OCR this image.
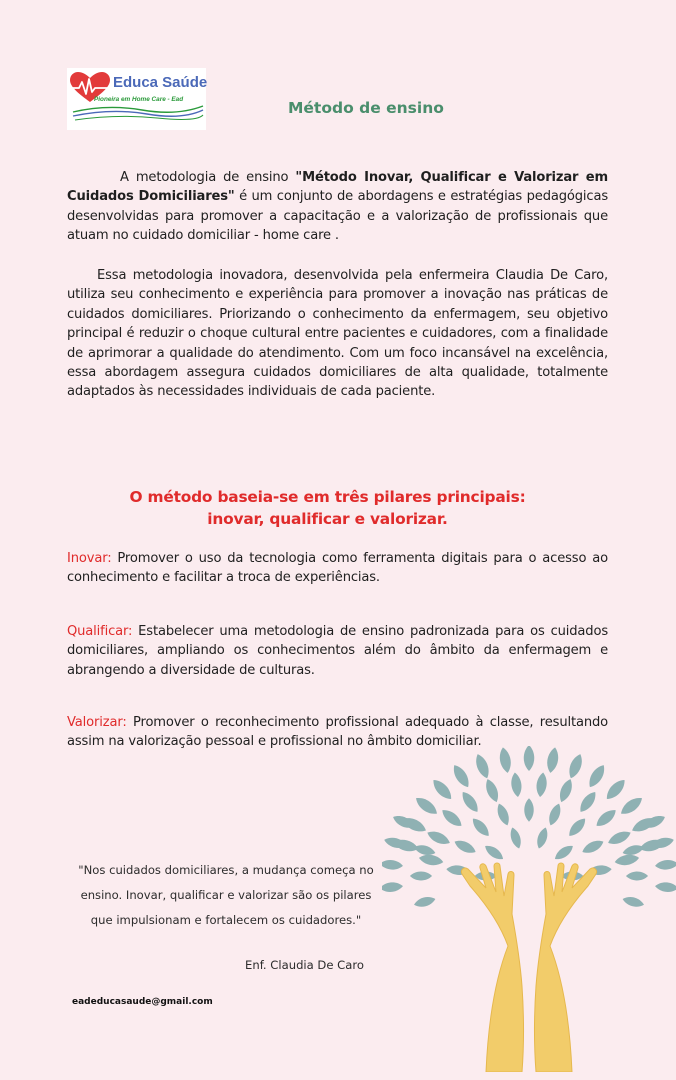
Educa Saúde
Pioneira em Home Care - Ead	Método de ensino
A metodologia de ensino "Método Inovar, Qualificar e Valorizar em Cuidados Domiciliares" é um conjunto de abordagens e estratégias pedagógicas desenvolvidas para promover a capacitação e a valorização de profissionais que atuam no cuidado domiciliar - home care .
Essa metodologia inovadora, desenvolvida pela enfermeira Claudia De Caro, utiliza seu conhecimento e experiência para promover a inovação nas práticas de cuidados domiciliares. Priorizando o conhecimento da enfermagem, seu objetivo principal é reduzir o choque cultural entre pacientes e cuidadores, com a finalidade de aprimorar a qualidade do atendimento. Com um foco incansável na excelência, essa abordagem assegura cuidados domiciliares de alta qualidade, totalmente adaptados às necessidades individuais de cada paciente.
O método baseia-se em três pilares principais:
inovar, qualificar e valorizar.
Inovar: Promover o uso da tecnologia como ferramenta digitais para o acesso ao conhecimento e facilitar a troca de experiências.
Qualificar: Estabelecer uma metodologia de ensino padronizada para os cuidados domiciliares, ampliando os conhecimentos além do âmbito da enfermagem e abrangendo a diversidade de culturas.
Valorizar: Promover o reconhecimento profissional adequado à classe, resultando assim na valorização pessoal e profissional no âmbito domiciliar.
"Nos cuidados domiciliares, a mudança começa no ensino. Inovar, qualificar e valorizar são os pilares que impulsionam e fortalecem os cuidadores."
Enf. Claudia De Caro
eadeducasaude@gmail.com
